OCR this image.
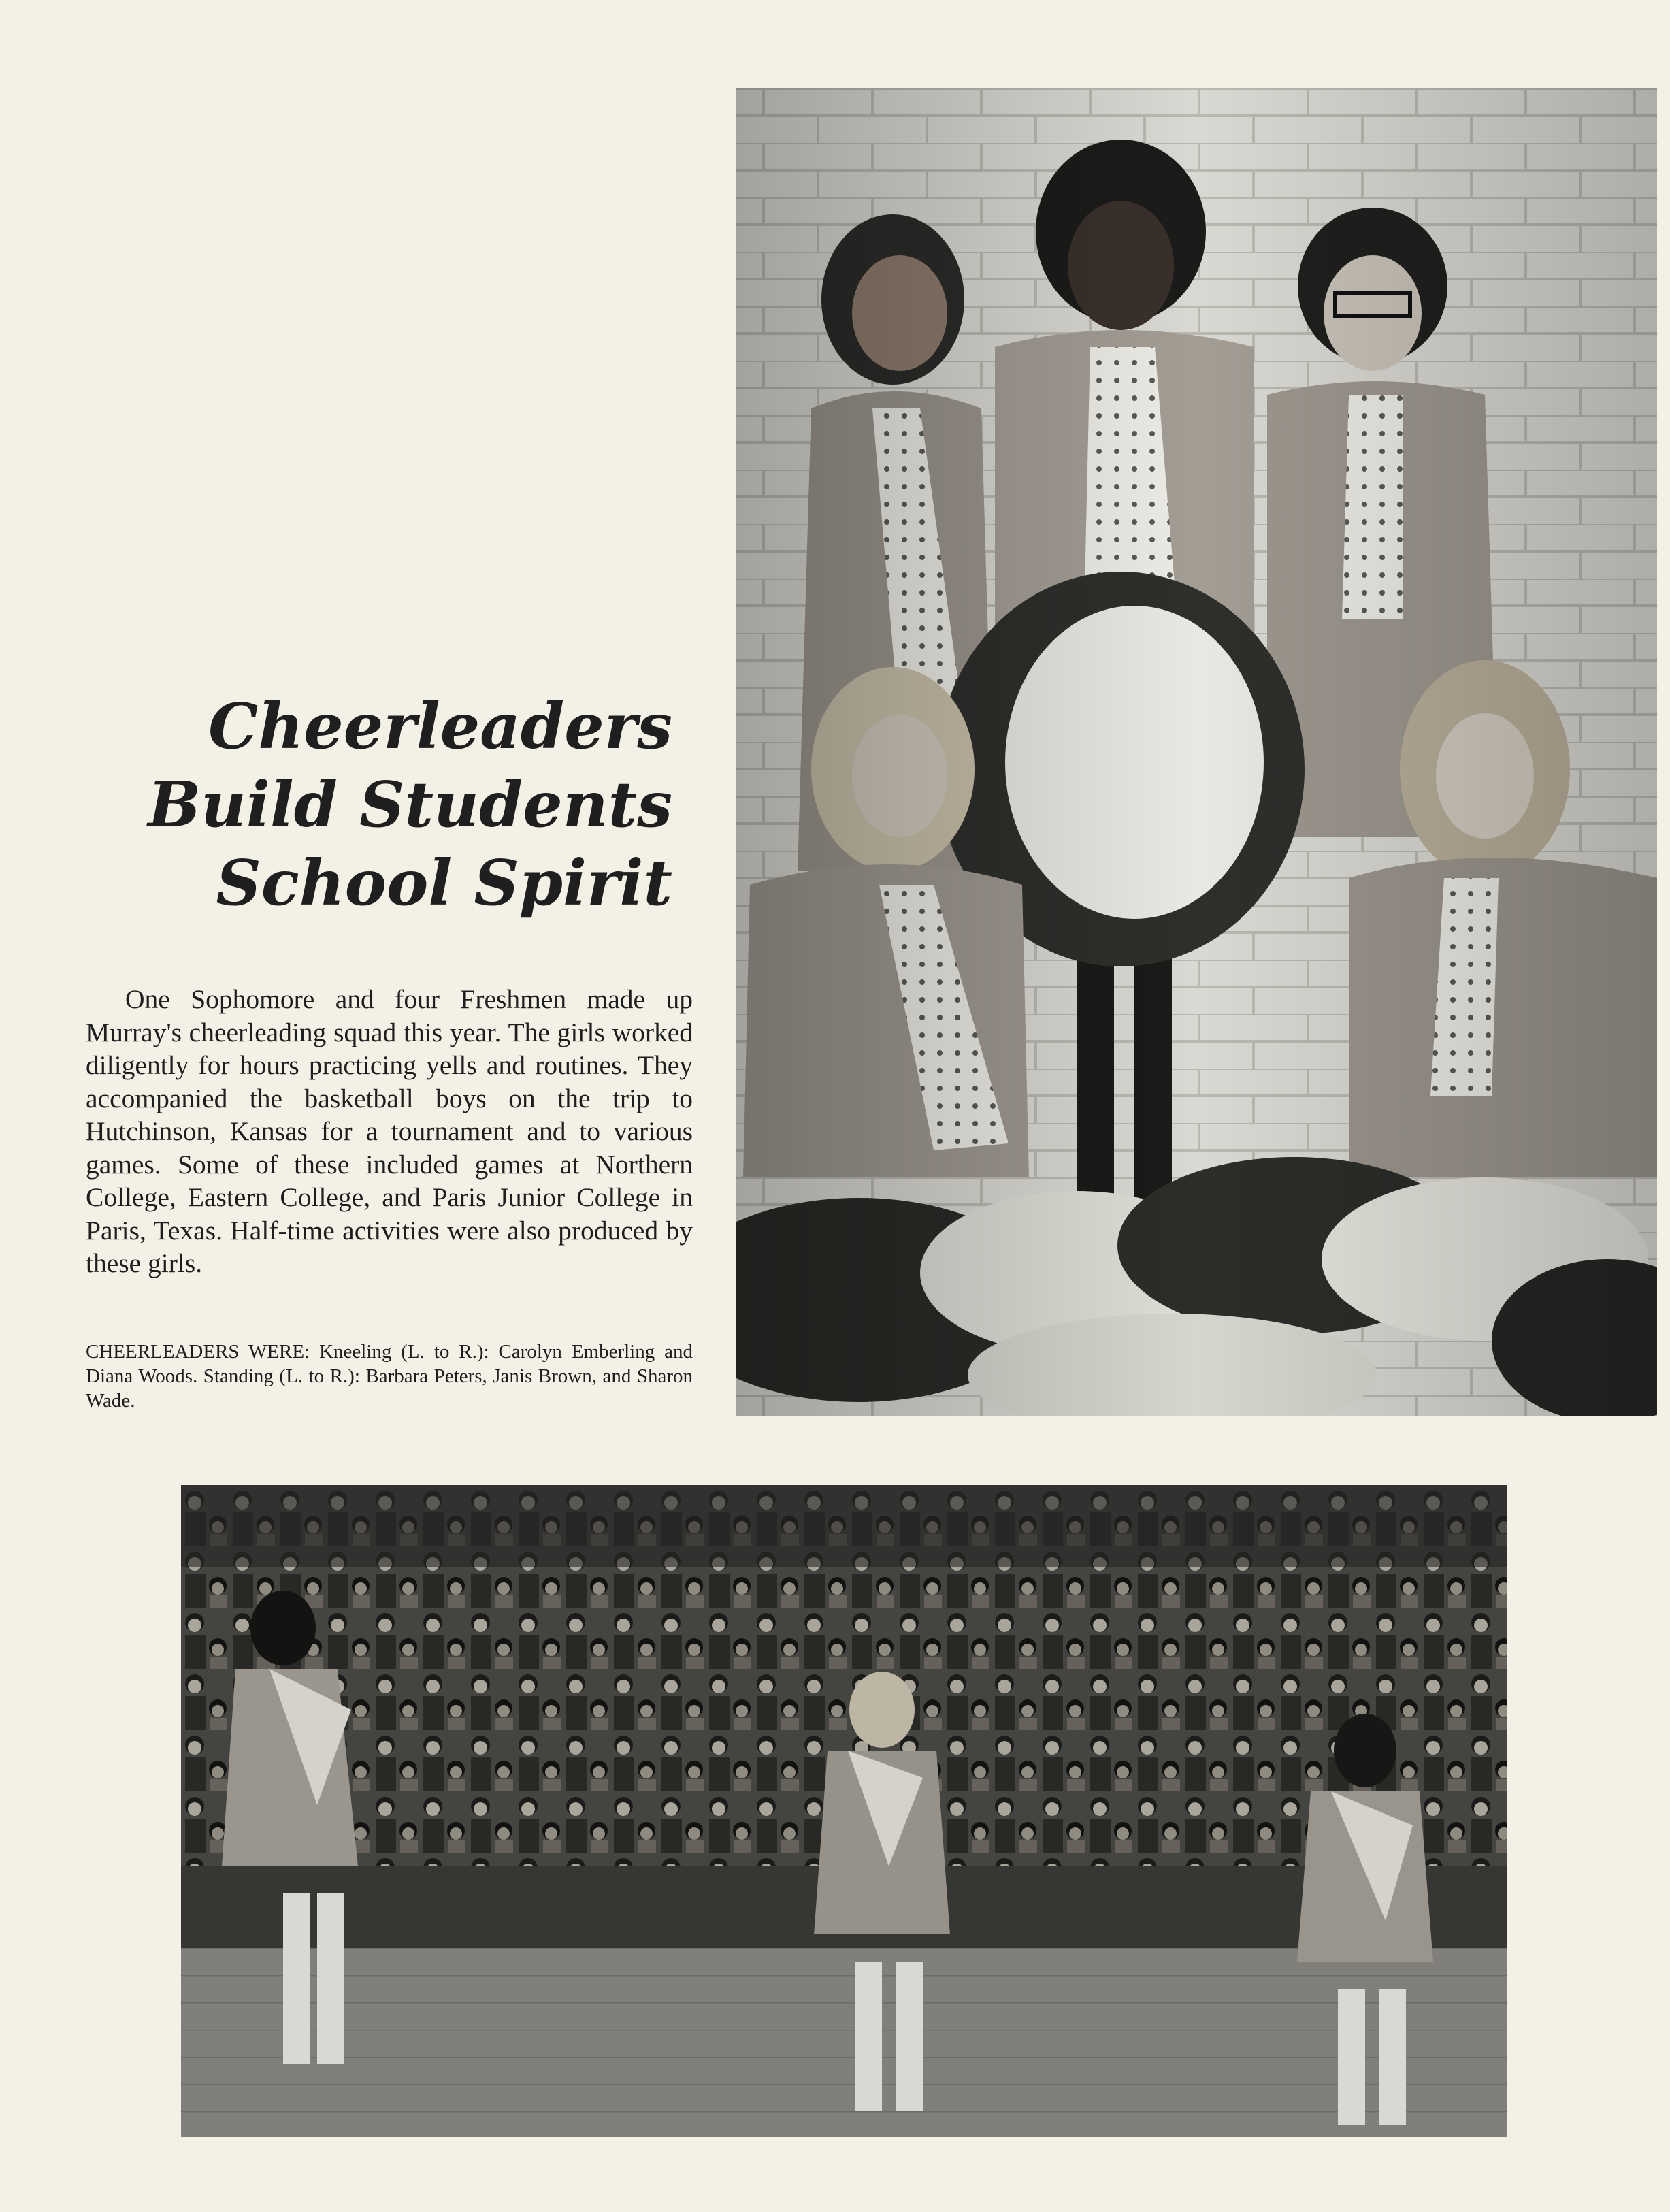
Cheerleaders
Build Students
School Spirit

One Sophomore and four Freshmen made up Murray's cheerleading squad this year. The girls worked diligently for hours practicing yells and routines. They accompanied the basketball boys on the trip to Hutchinson, Kansas for a tournament and to various games. Some of these included games at Northern College, Eastern College, and Paris Junior College in Paris, Texas. Half-time activities were also produced by these girls.

CHEERLEADERS WERE: Kneeling (L. to R.): Carolyn Emberling and Diana Woods. Standing (L. to R.): Barbara Peters, Janis Brown, and Sharon Wade.
